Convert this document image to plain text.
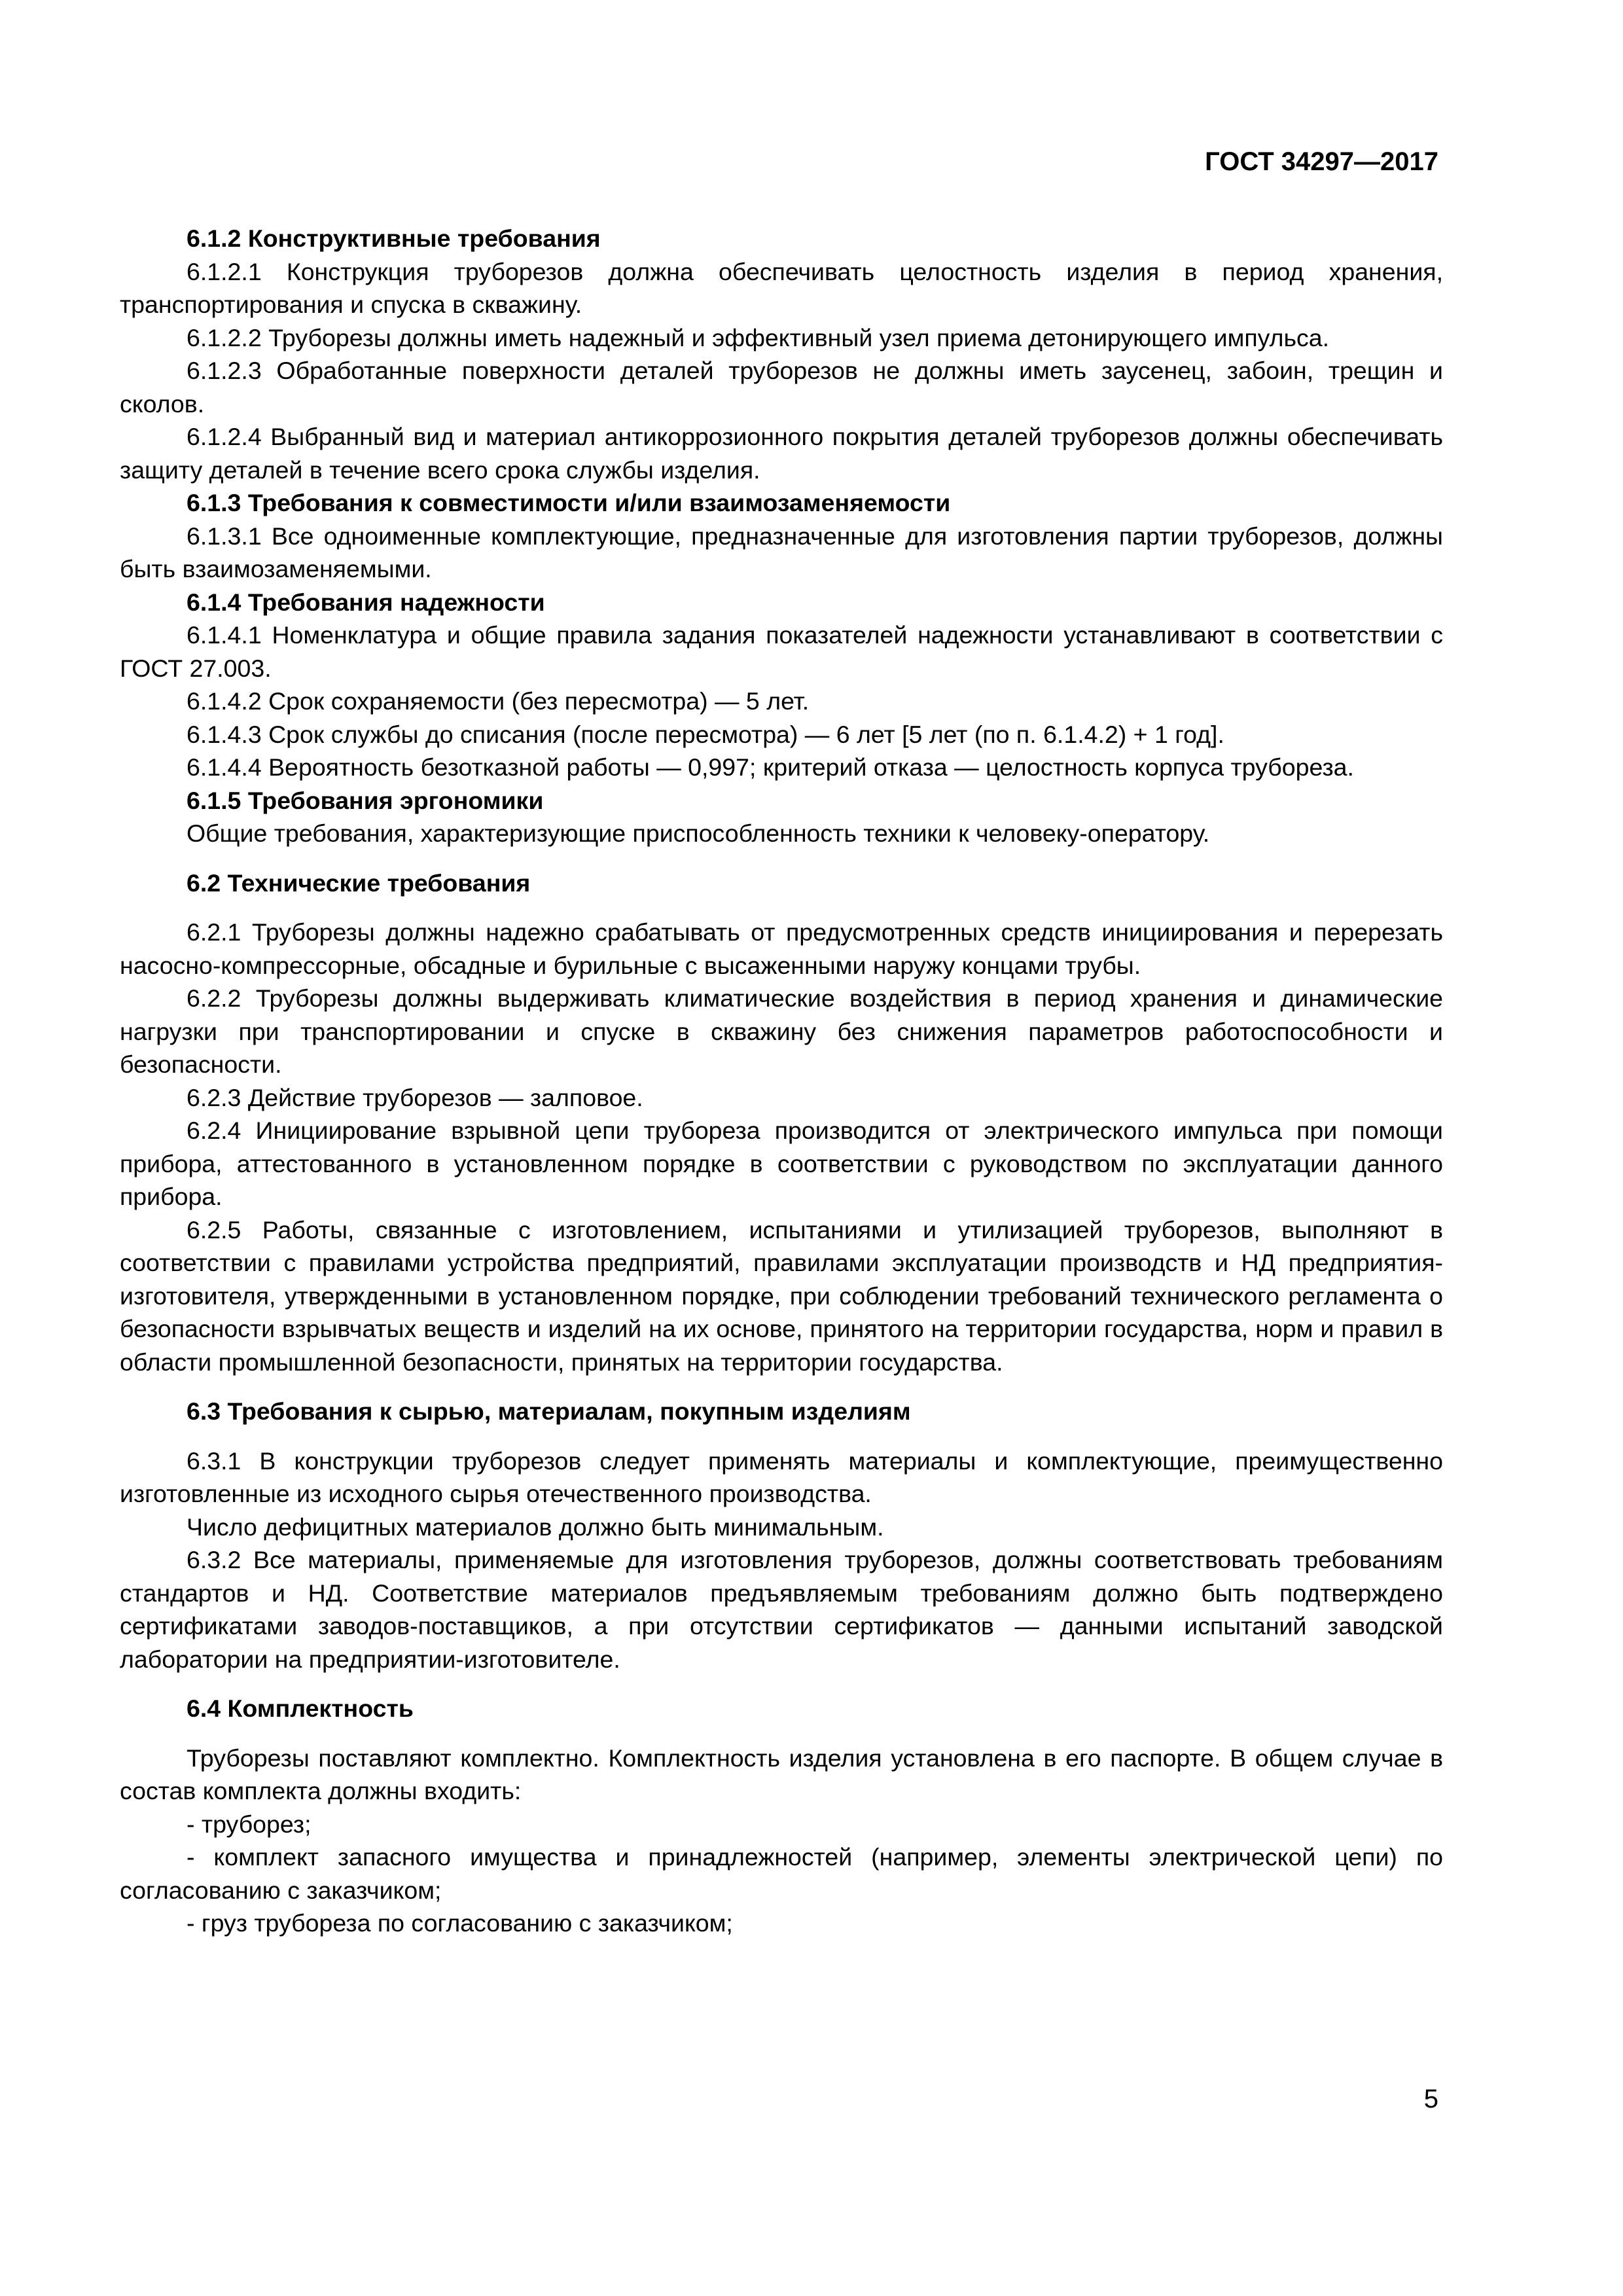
ГОСТ 34297—2017

6.1.2 Конструктивные требования

6.1.2.1 Конструкция труборезов должна обеспечивать целостность изделия в период хранения, транспортирования и спуска в скважину.

6.1.2.2 Труборезы должны иметь надежный и эффективный узел приема детонирующего импульса.

6.1.2.3 Обработанные поверхности деталей труборезов не должны иметь заусенец, забоин, трещин и сколов.

6.1.2.4 Выбранный вид и материал антикоррозионного покрытия деталей труборезов должны обеспечивать защиту деталей в течение всего срока службы изделия.

6.1.3 Требования к совместимости и/или взаимозаменяемости

6.1.3.1 Все одноименные комплектующие, предназначенные для изготовления партии труборезов, должны быть взаимозаменяемыми.

6.1.4 Требования надежности

6.1.4.1 Номенклатура и общие правила задания показателей надежности устанавливают в соответствии с ГОСТ 27.003.

6.1.4.2 Срок сохраняемости (без пересмотра) — 5 лет.

6.1.4.3 Срок службы до списания (после пересмотра) — 6 лет [5 лет (по п. 6.1.4.2) + 1 год].

6.1.4.4 Вероятность безотказной работы — 0,997; критерий отказа — целостность корпуса трубореза.

6.1.5 Требования эргономики

Общие требования, характеризующие приспособленность техники к человеку-оператору.

6.2 Технические требования

6.2.1 Труборезы должны надежно срабатывать от предусмотренных средств инициирования и перерезать насосно-компрессорные, обсадные и бурильные с высаженными наружу концами трубы.

6.2.2 Труборезы должны выдерживать климатические воздействия в период хранения и динамические нагрузки при транспортировании и спуске в скважину без снижения параметров работоспособности и безопасности.

6.2.3 Действие труборезов — залповое.

6.2.4 Инициирование взрывной цепи трубореза производится от электрического импульса при помощи прибора, аттестованного в установленном порядке в соответствии с руководством по эксплуатации данного прибора.

6.2.5 Работы, связанные с изготовлением, испытаниями и утилизацией труборезов, выполняют в соответствии с правилами устройства предприятий, правилами эксплуатации производств и НД предприятия-изготовителя, утвержденными в установленном порядке, при соблюдении требований технического регламента о безопасности взрывчатых веществ и изделий на их основе, принятого на территории государства, норм и правил в области промышленной безопасности, принятых на территории государства.

6.3 Требования к сырью, материалам, покупным изделиям

6.3.1 В конструкции труборезов следует применять материалы и комплектующие, преимущественно изготовленные из исходного сырья отечественного производства.

Число дефицитных материалов должно быть минимальным.

6.3.2 Все материалы, применяемые для изготовления труборезов, должны соответствовать требованиям стандартов и НД. Соответствие материалов предъявляемым требованиям должно быть подтверждено сертификатами заводов-поставщиков, а при отсутствии сертификатов — данными испытаний заводской лаборатории на предприятии-изготовителе.

6.4 Комплектность

Труборезы поставляют комплектно. Комплектность изделия установлена в его паспорте. В общем случае в состав комплекта должны входить:

- трубoрез;

- комплект запасного имущества и принадлежностей (например, элементы электрической цепи) по согласованию с заказчиком;

- груз трубореза по согласованию с заказчиком;

5
